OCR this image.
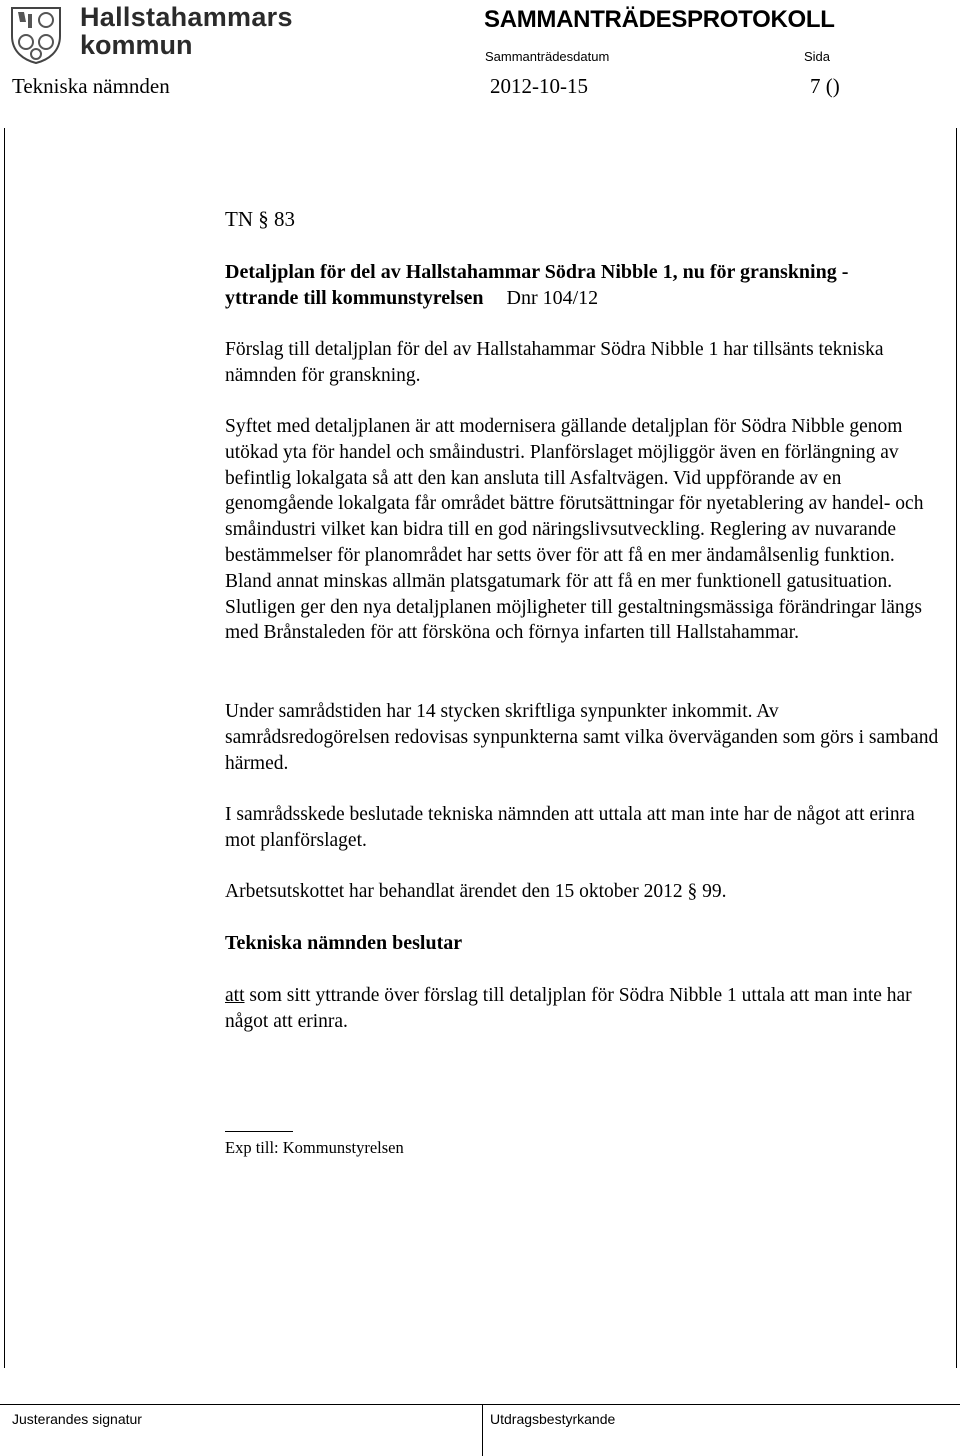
Hallstahammars
kommun
SAMMANTRÄDESPROTOKOLL
Sammanträdesdatum	Sida
Tekniska nämnden	2012-10-15	7 ()
TN § 83
Detaljplan för del av Hallstahammar Södra Nibble 1, nu för granskning -
yttrande till kommunstyrelsen Dnr 104/12

Förslag till detaljplan för del av Hallstahammar Södra Nibble 1 har tillsänts tekniska nämnden för granskning.

Syftet med detaljplanen är att modernisera gällande detaljplan för Södra Nibble genom utökad yta för handel och småindustri. Planförslaget möjliggör även en förlängning av befintlig lokalgata så att den kan ansluta till Asfaltvägen. Vid uppförande av en genomgående lokalgata får området bättre förutsättningar för nyetablering av handel- och småindustri vilket kan bidra till en god näringslivsutveckling. Reglering av nuvarande bestämmelser för planområdet har setts över för att få en mer ändamålsenlig funktion. Bland annat minskas allmän platsgatumark för att få en mer funktionell gatusituation. Slutligen ger den nya detaljplanen möjligheter till gestaltningsmässiga förändringar längs med Brånstaleden för att försköna och förnya infarten till Hallstahammar.

Under samrådstiden har 14 stycken skriftliga synpunkter inkommit. Av samrådsredogörelsen redovisas synpunkterna samt vilka överväganden som görs i samband härmed.

I samrådsskede beslutade tekniska nämnden att uttala att man inte har de något att erinra mot planförslaget.

Arbetsutskottet har behandlat ärendet den 15 oktober 2012 § 99.

Tekniska nämnden beslutar

att som sitt yttrande över förslag till detaljplan för Södra Nibble 1 uttala att man inte har något att erinra.

Exp till: Kommunstyrelsen
Justerandes signatur	Utdragsbestyrkande
